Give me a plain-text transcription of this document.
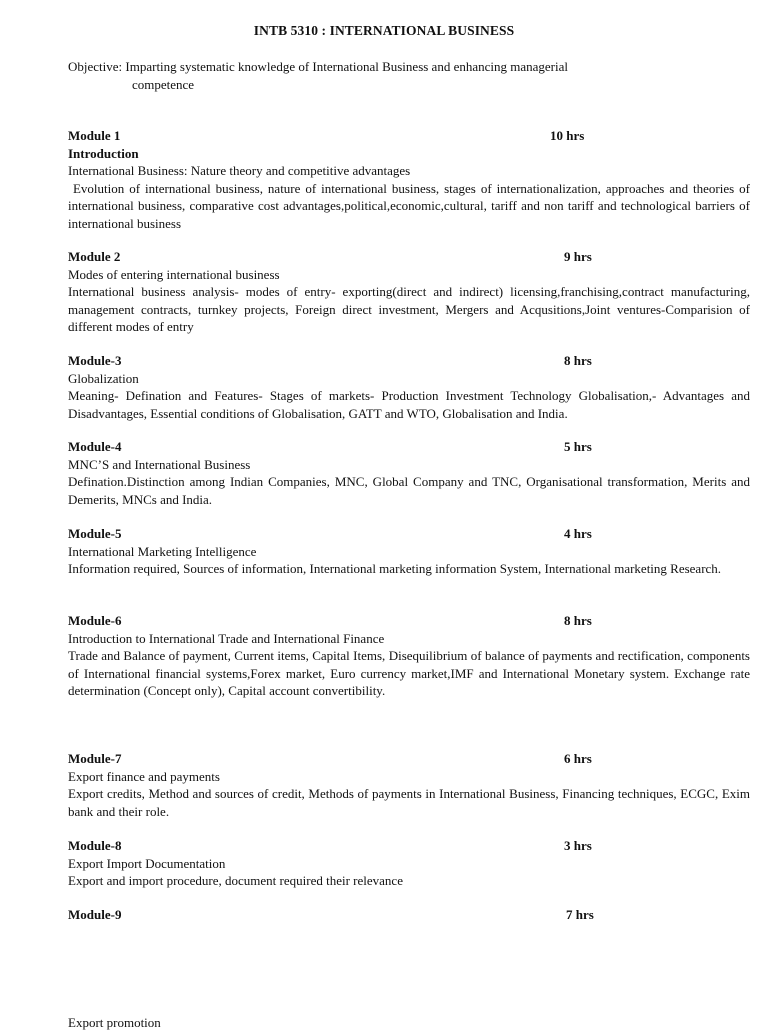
INTB 5310 : INTERNATIONAL BUSINESS
Objective: Imparting systematic knowledge of International Business and enhancing managerial
competence
Module 1	10 hrs
Introduction
International Business: Nature theory and competitive advantages
Evolution of international business, nature of international business, stages of internationalization, approaches and theories of international business, comparative cost advantages,political,economic,cultural, tariff and non tariff and technological barriers of international business
Module 2	9 hrs
Modes of entering international business
International business analysis- modes of entry- exporting(direct and indirect) licensing,franchising,contract manufacturing, management contracts, turnkey projects, Foreign direct investment, Mergers and Acqusitions,Joint ventures-Comparision of different modes of entry
Module-3	8 hrs
Globalization
Meaning- Defination and Features- Stages of markets- Production Investment Technology Globalisation,- Advantages and Disadvantages, Essential conditions of Globalisation, GATT and WTO, Globalisation and India.
Module-4	5 hrs
MNC’S and International Business
Defination.Distinction among Indian Companies, MNC, Global Company and TNC, Organisational transformation, Merits and Demerits, MNCs and India.
Module-5	4 hrs
International Marketing Intelligence
Information required, Sources of information, International marketing information System, International marketing Research.
Module-6	8 hrs
Introduction to International Trade and International Finance
Trade and Balance of payment, Current items, Capital Items, Disequilibrium of balance of payments and rectification, components of International financial systems,Forex market, Euro currency market,IMF and International Monetary system. Exchange rate determination (Concept only), Capital account convertibility.
Module-7	6 hrs
Export finance and payments
Export credits, Method and sources of credit, Methods of payments in International Business, Financing techniques, ECGC, Exim bank and their role.
Module-8	3 hrs
Export Import Documentation
Export and import procedure, document required their relevance
Module-9	7 hrs
Export promotion
